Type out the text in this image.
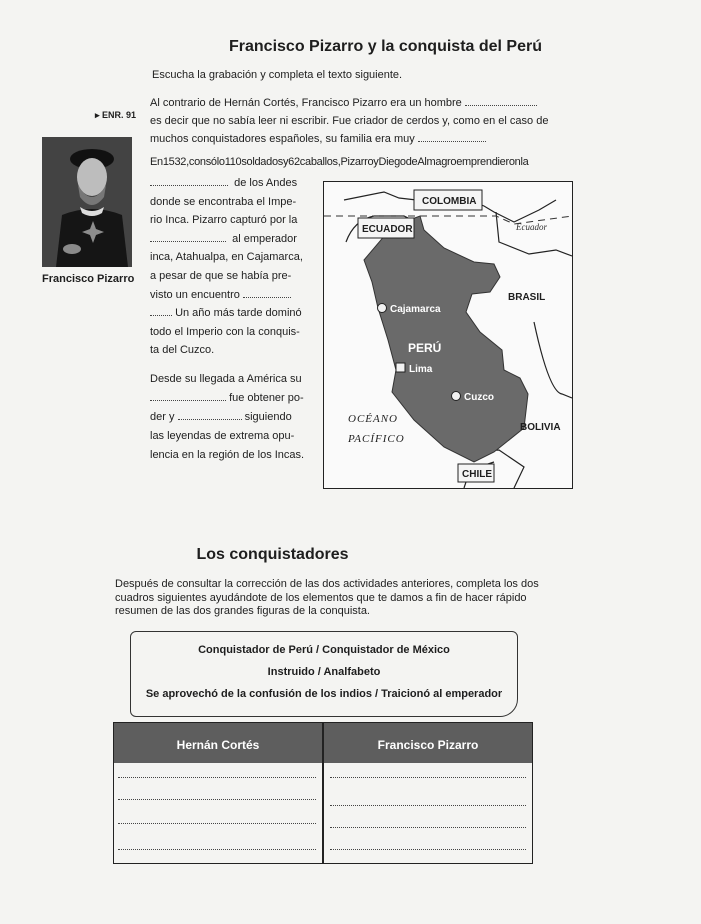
Francisco Pizarro y la conquista del Perú
Escucha la grabación y completa el texto siguiente.
▸ ENR. 91
Al contrario de Hernán Cortés, Francisco Pizarro era un hombre
es decir que no sabía leer ni escribir. Fue criador de cerdos y, como en el caso de
muchos conquistadores españoles, su familia era muy
En1532,consólo110soldadosy62caballos,PizarroyDiegodeAlmagroemprendieronla
Francisco Pizarro
de los Andes
donde se encontraba el Impe-
rio Inca. Pizarro capturó por la
al emperador
inca, Atahualpa, en Cajamarca,
a pesar de que se había pre-
visto un encuentro
Un año más tarde dominó
todo el Imperio con la conquis-
ta del Cuzco.
Desde su llegada a América su
fue obtener po-
der y	siguiendo
las leyendas de extrema opu-
lencia en la región de los Incas.
COLOMBIA
ECUADOR
BRASIL
BOLIVIA
CHILE
Ecuador
Cajamarca
PERÚ
Lima
Cuzco
OCÉANO
PACÍFICO
Los conquistadores
Después de consultar la corrección de las dos actividades anteriores, completa los dos cuadros siguientes ayudándote de los elementos que te damos a fin de hacer rápido resumen de las dos grandes figuras de la conquista.
Conquistador de Perú / Conquistador de México
Instruido / Analfabeto
Se aprovechó de la confusión de los indios / Traicionó al emperador
Hernán Cortés	Francisco Pizarro
